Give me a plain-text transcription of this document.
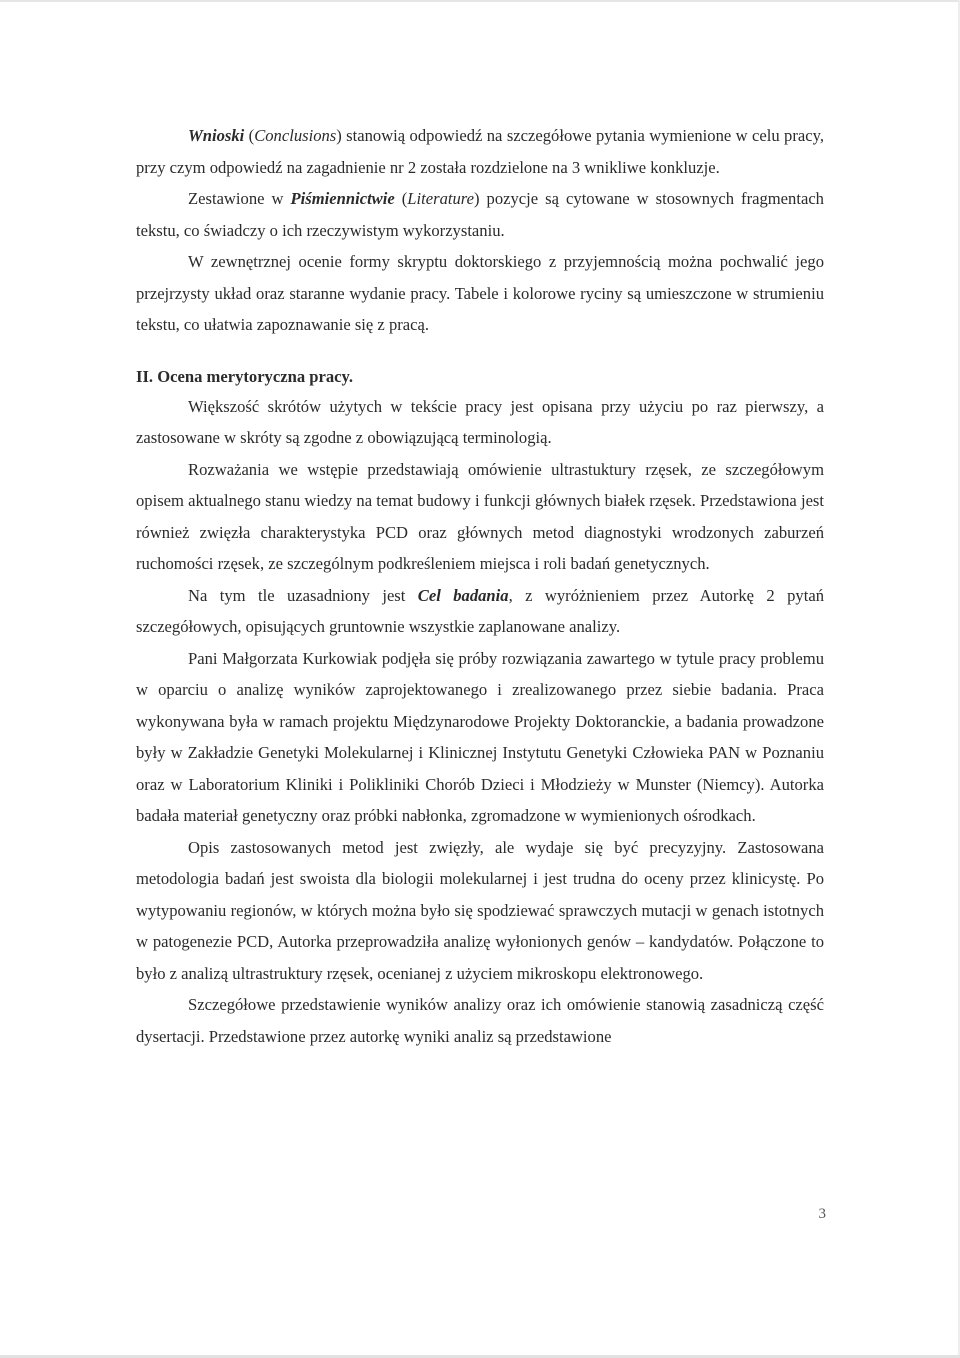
Wnioski (Conclusions) stanowią odpowiedź na szczegółowe pytania wymienione w celu pracy, przy czym odpowiedź na zagadnienie nr 2 została rozdzielone na 3 wnikliwe konkluzje.

Zestawione w Piśmiennictwie (Literature) pozycje są cytowane w stosownych fragmentach tekstu, co świadczy o ich rzeczywistym wykorzystaniu.

W zewnętrznej ocenie formy skryptu doktorskiego z przyjemnością można pochwalić jego przejrzysty układ oraz staranne wydanie pracy. Tabele i kolorowe ryciny są umieszczone w strumieniu tekstu, co ułatwia zapoznawanie się z pracą.

II. Ocena merytoryczna pracy.

Większość skrótów użytych w tekście pracy jest opisana przy użyciu po raz pierwszy, a zastosowane w skróty są zgodne z obowiązującą terminologią.

Rozważania we wstępie przedstawiają omówienie ultrastuktury rzęsek, ze szczegółowym opisem aktualnego stanu wiedzy na temat budowy i funkcji głównych białek rzęsek. Przedstawiona jest również zwięzła charakterystyka PCD oraz głównych metod diagnostyki wrodzonych zaburzeń ruchomości rzęsek, ze szczególnym podkreśleniem miejsca i roli badań genetycznych.

Na tym tle uzasadniony jest Cel badania, z wyróżnieniem przez Autorkę 2 pytań szczegółowych, opisujących gruntownie wszystkie zaplanowane analizy.

Pani Małgorzata Kurkowiak podjęła się próby rozwiązania zawartego w tytule pracy problemu w oparciu o analizę wyników zaprojektowanego i zrealizowanego przez siebie badania. Praca wykonywana była w ramach projektu Międzynarodowe Projekty Doktoranckie, a badania prowadzone były w Zakładzie Genetyki Molekularnej i Klinicznej Instytutu Genetyki Człowieka PAN w Poznaniu oraz w Laboratorium Kliniki i Polikliniki Chorób Dzieci i Młodzieży w Munster (Niemcy). Autorka badała materiał genetyczny oraz próbki nabłonka, zgromadzone w wymienionych ośrodkach.

Opis zastosowanych metod jest zwięzły, ale wydaje się być precyzyjny. Zastosowana metodologia badań jest swoista dla biologii molekularnej i jest trudna do oceny przez klinicystę. Po wytypowaniu regionów, w których można było się spodziewać sprawczych mutacji w genach istotnych w patogenezie PCD, Autorka przeprowadziła analizę wyłonionych genów – kandydatów. Połączone to było z analizą ultrastruktury rzęsek, ocenianej z użyciem mikroskopu elektronowego.

Szczegółowe przedstawienie wyników analizy oraz ich omówienie stanowią zasadniczą część dysertacji. Przedstawione przez autorkę wyniki analiz są przedstawione

3
